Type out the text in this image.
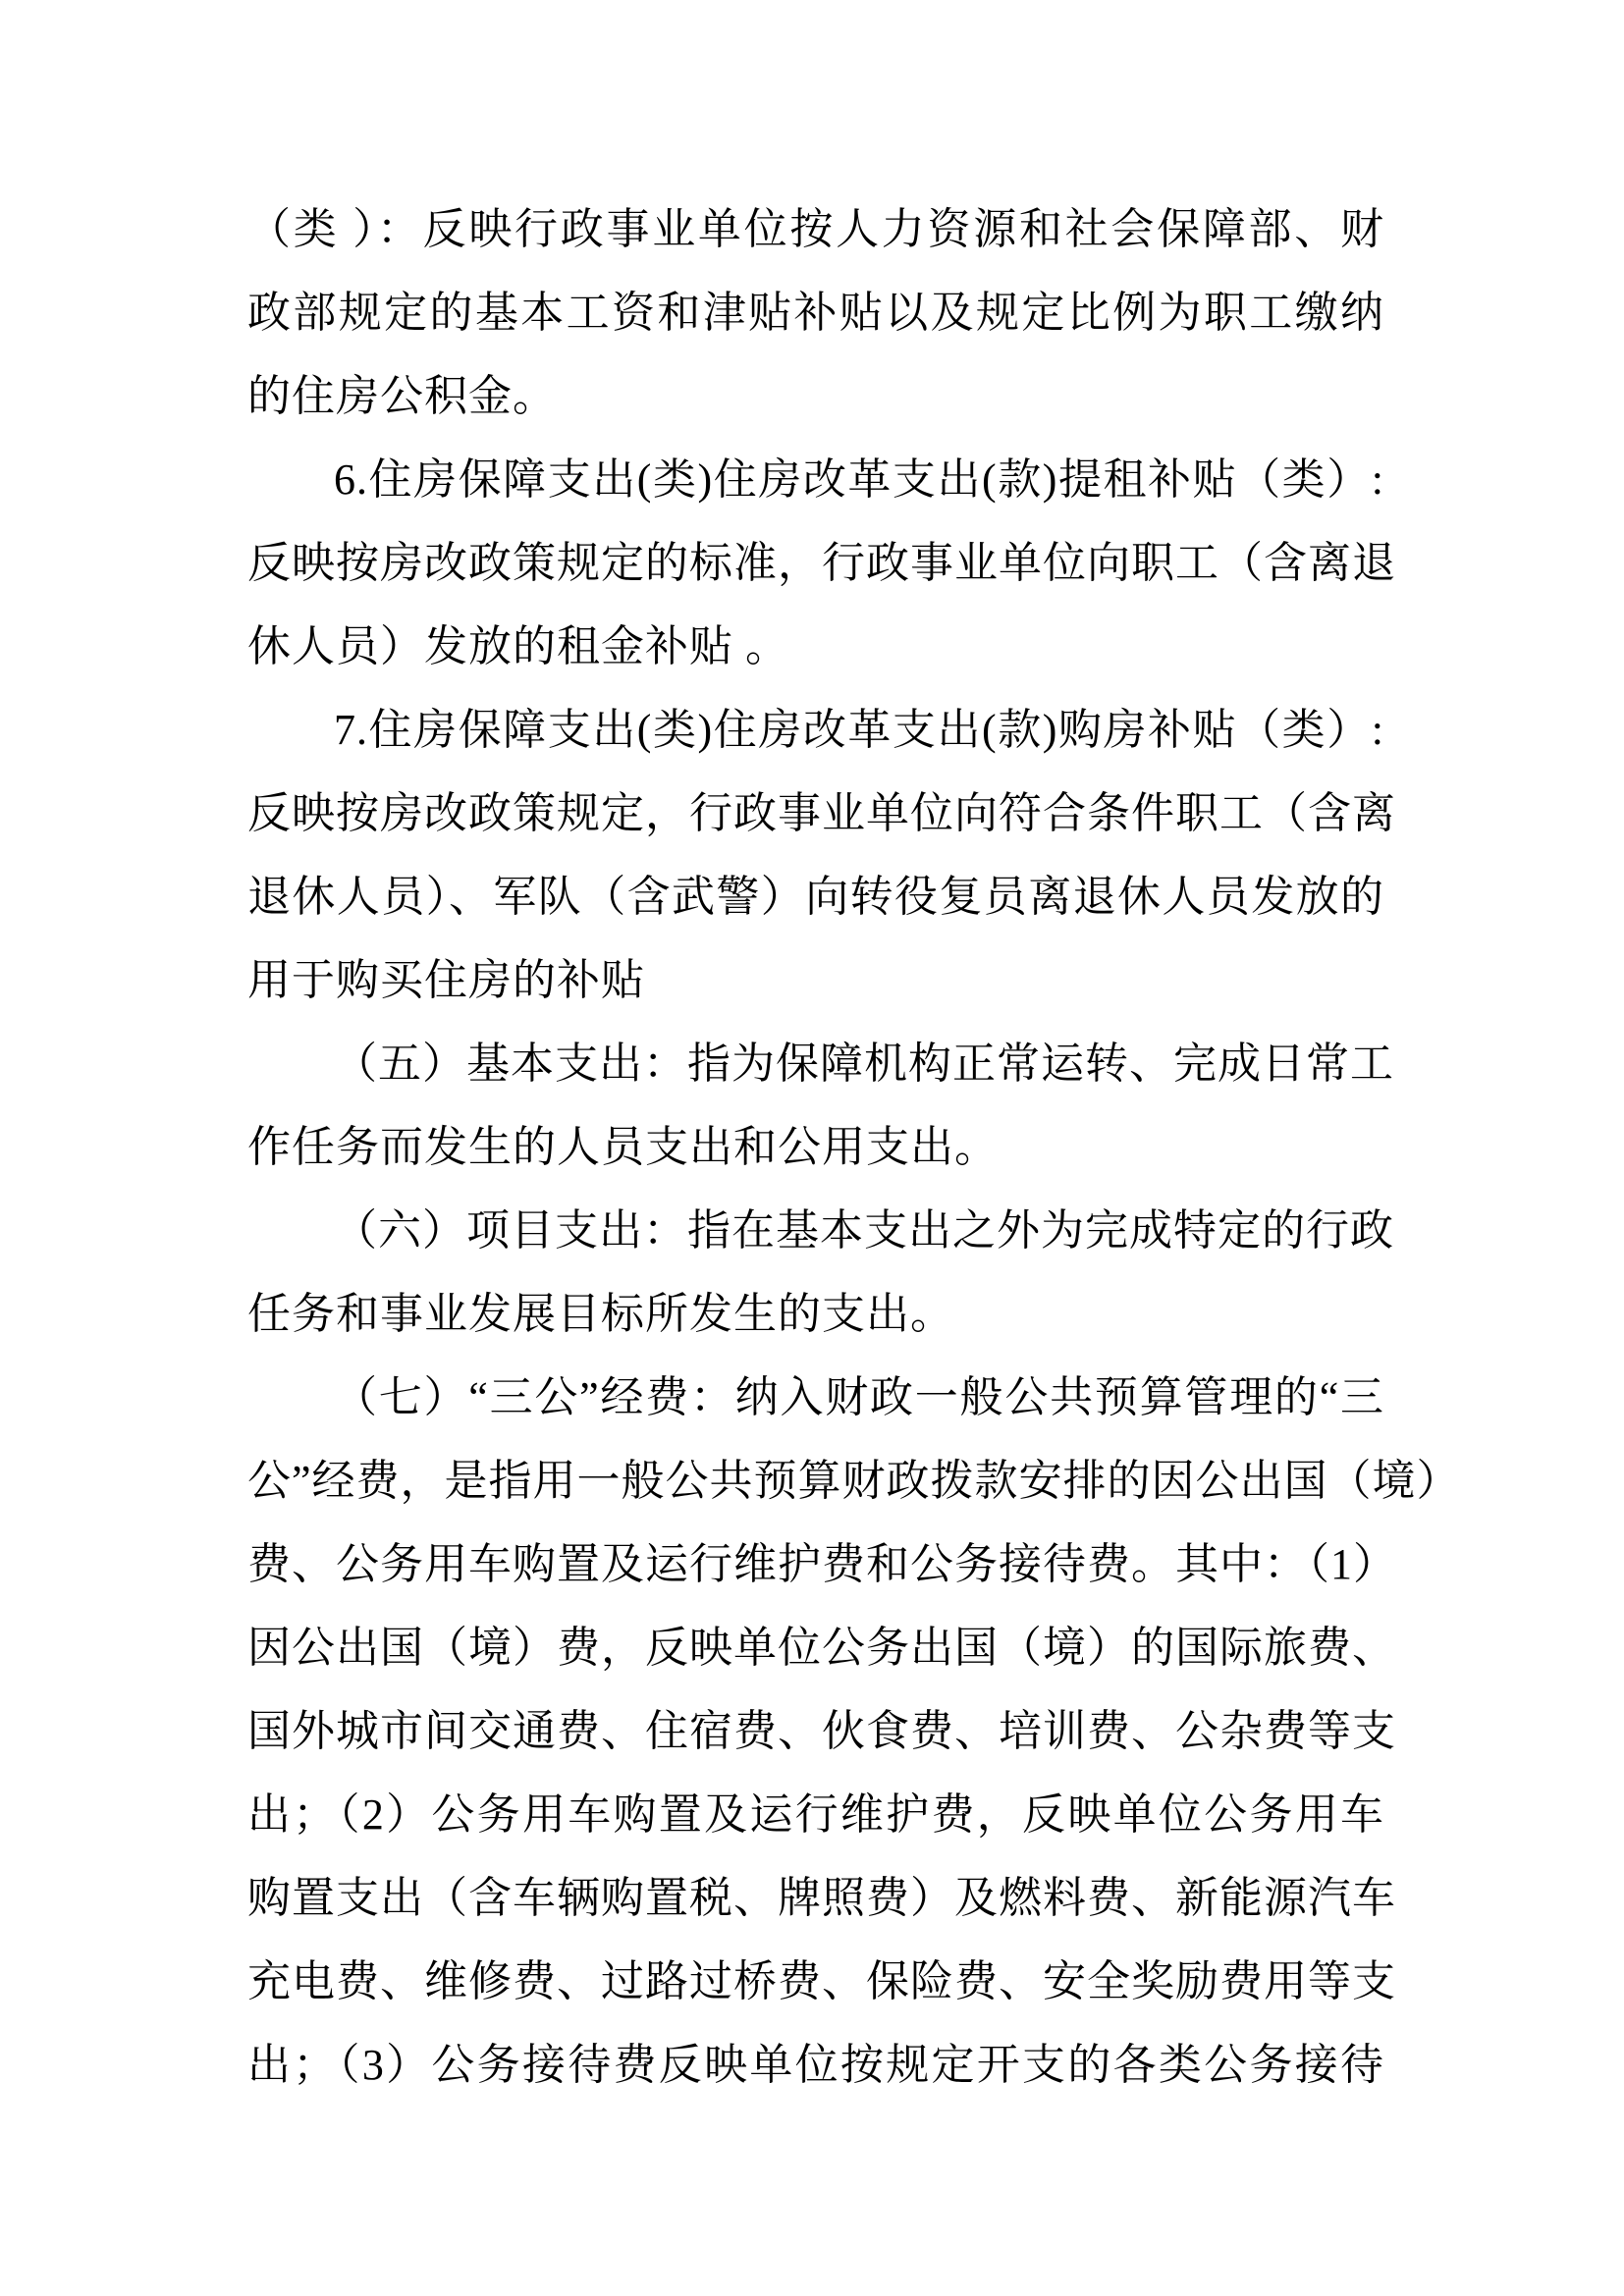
（类 ）：反映行政事业单位按人力资源和社会保障部、财
政部规定的基本工资和津贴补贴以及规定比例为职工缴纳
的住房公积金。
6.住房保障支出(类)住房改革支出(款)提租补贴（类）:
反映按房改政策规定的标准，行政事业单位向职工（含离退
休人员）发放的租金补贴 。
7.住房保障支出(类)住房改革支出(款)购房补贴（类）:
反映按房改政策规定，行政事业单位向符合条件职工（含离
退休人员）、军队（含武警）向转役复员离退休人员发放的
用于购买住房的补贴
（五）基本支出：指为保障机构正常运转、完成日常工
作任务而发生的人员支出和公用支出。
（六）项目支出：指在基本支出之外为完成特定的行政
任务和事业发展目标所发生的支出。
（七）“三公”经费：纳入财政一般公共预算管理的“三
公”经费，是指用一般公共预算财政拨款安排的因公出国（境）
费、公务用车购置及运行维护费和公务接待费。其中：（1）
因公出国（境）费，反映单位公务出国（境）的国际旅费、
国外城市间交通费、住宿费、伙食费、培训费、公杂费等支
出；（2）公务用车购置及运行维护费，反映单位公务用车
购置支出（含车辆购置税、牌照费）及燃料费、新能源汽车
充电费、维修费、过路过桥费、保险费、安全奖励费用等支
出；（3）公务接待费反映单位按规定开支的各类公务接待
